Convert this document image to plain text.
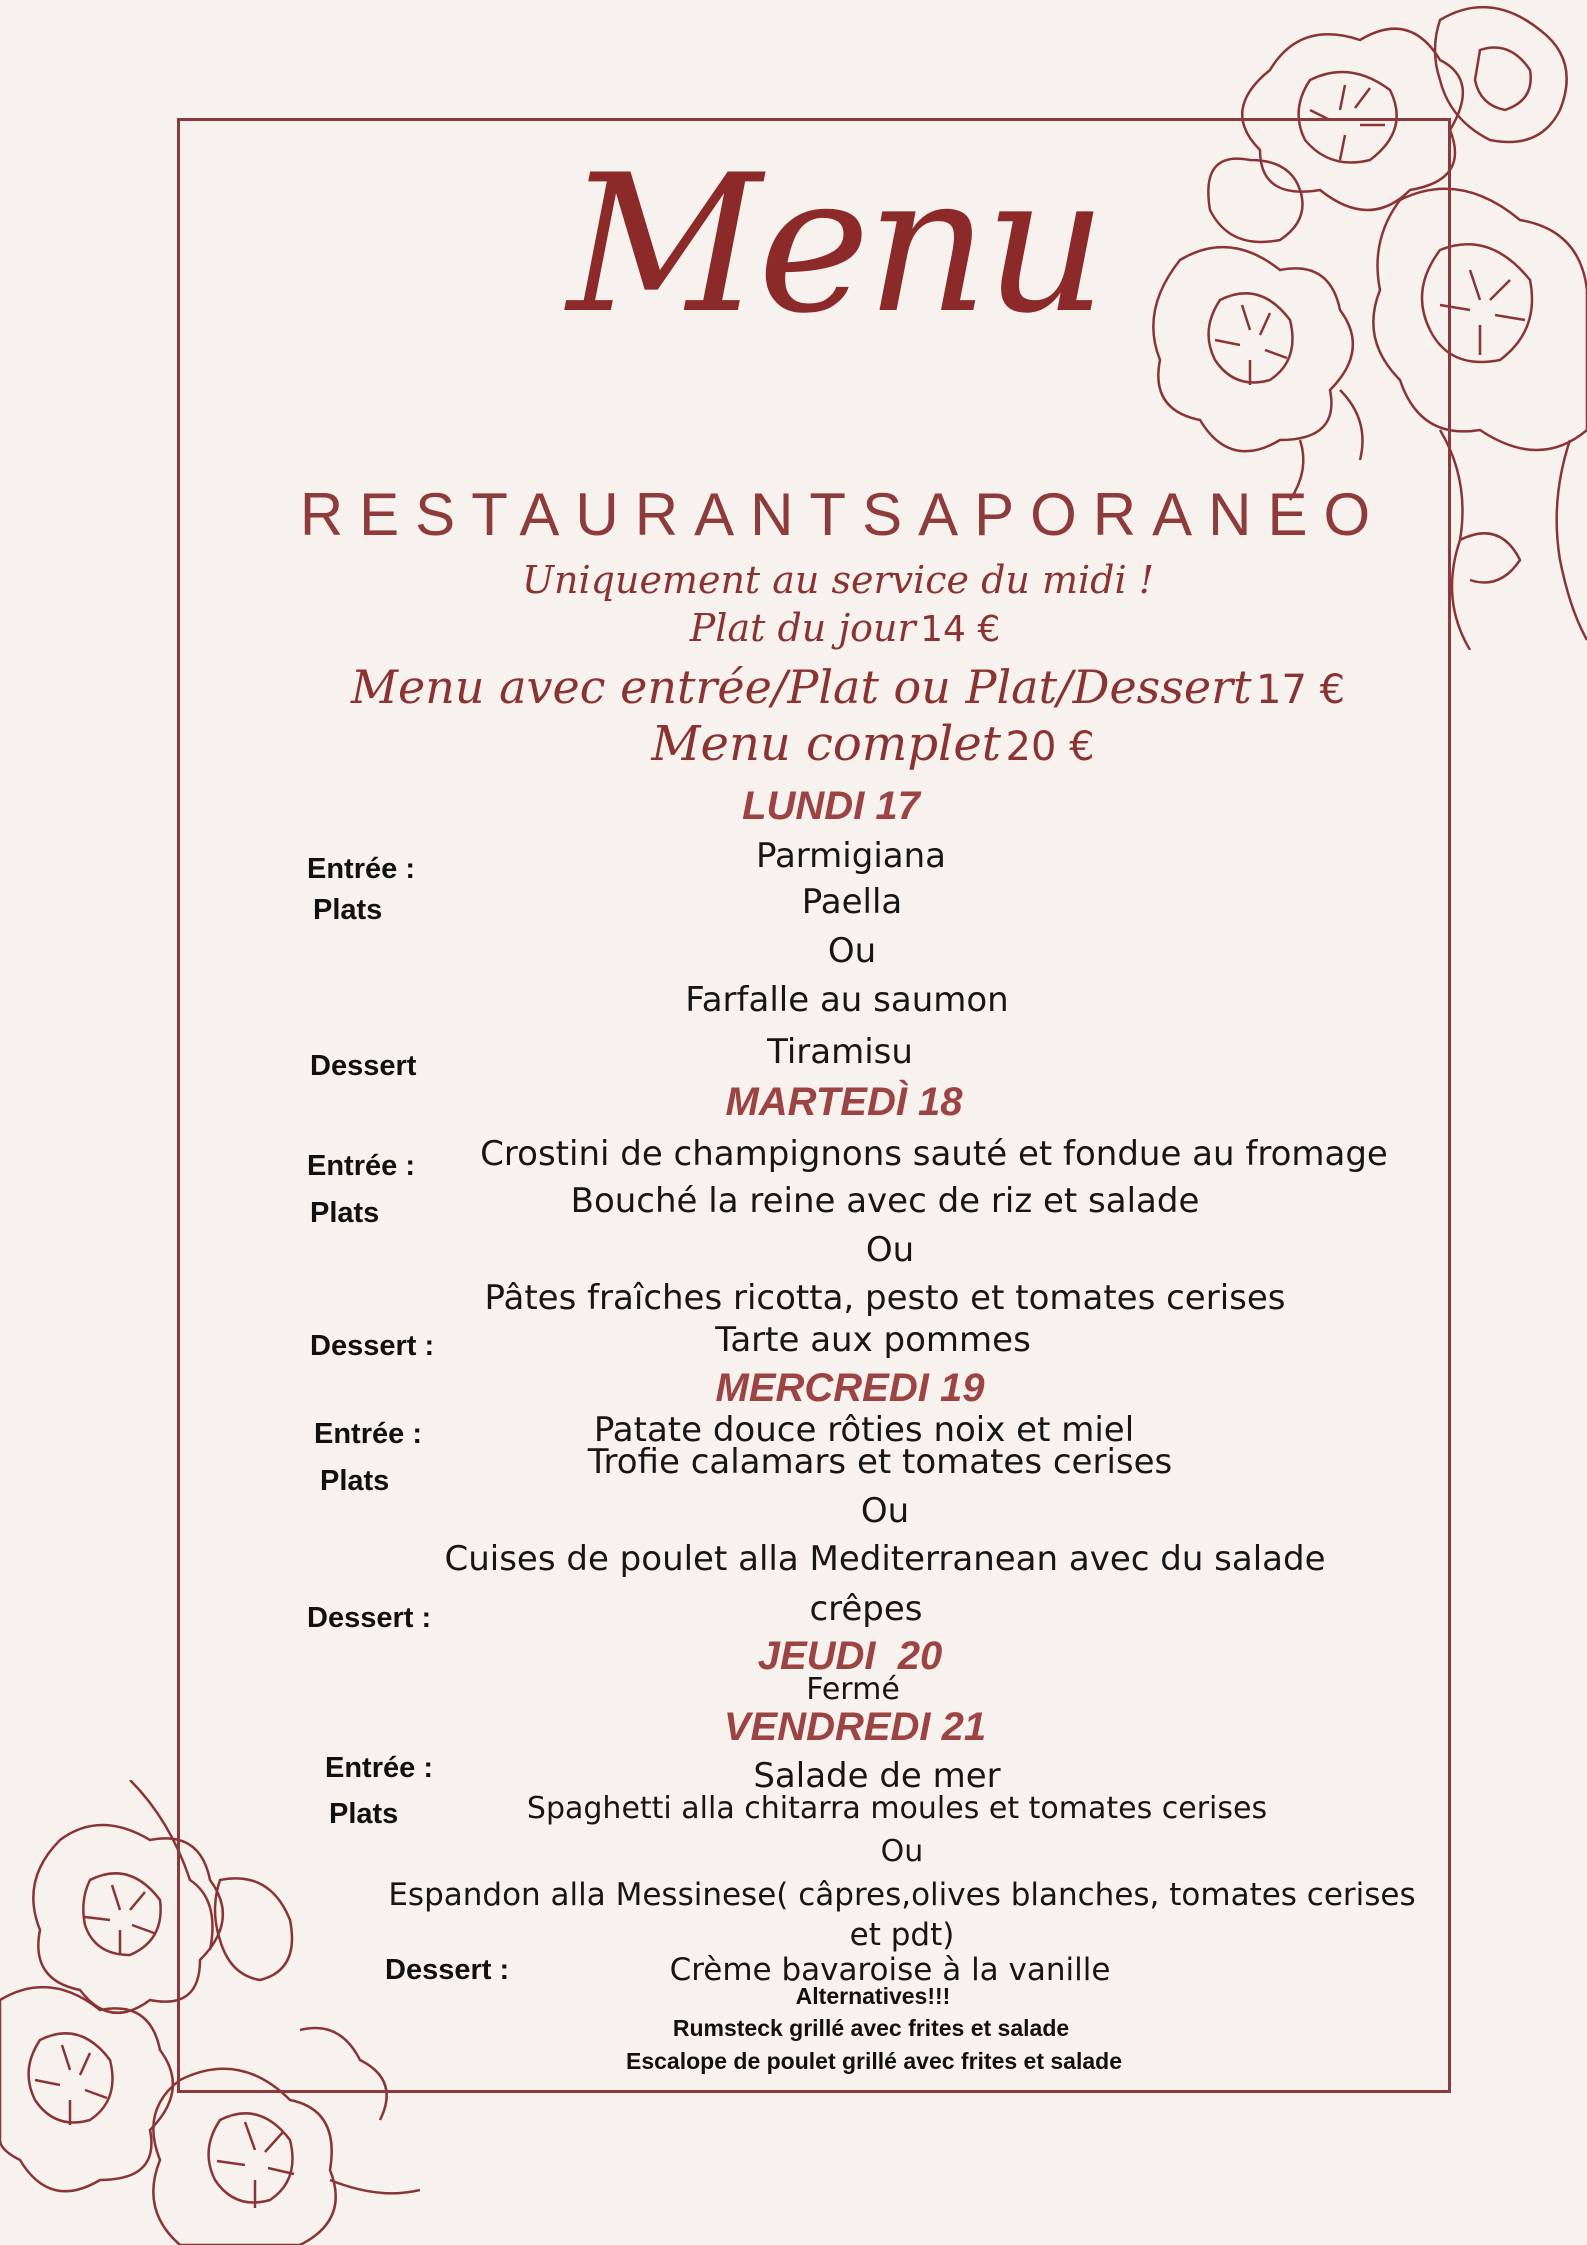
Menu
RESTAURANTSAPORANEO
Uniquement au service du midi !
Plat du jour 14 €
Menu avec entrée/Plat ou Plat/Dessert 17 €
Menu complet 20 €
LUNDI 17
Entrée :
Plats
Dessert
Parmigiana
Paella
Ou
Farfalle au saumon
Tiramisu
MARTEDÌ 18
Entrée :
Plats
Dessert :
Crostini de champignons sauté et fondue au fromage
Bouché la reine avec de riz et salade
Ou
Pâtes fraîches ricotta, pesto et tomates cerises
Tarte aux pommes
MERCREDI 19
Entrée :
Plats
Dessert :
Patate douce rôties noix et miel
Trofie calamars et tomates cerises
Ou
Cuises de poulet alla Mediterranean avec du salade
crêpes
JEUDI  20
Fermé
VENDREDI 21
Entrée :
Plats
Dessert :
Salade de mer
Spaghetti alla chitarra moules et tomates cerises
Ou
Espandon alla Messinese( câpres,olives blanches, tomates cerises
et pdt)
Crème bavaroise à la vanille
Alternatives!!!
Rumsteck grillé avec frites et salade
Escalope de poulet grillé avec frites et salade
